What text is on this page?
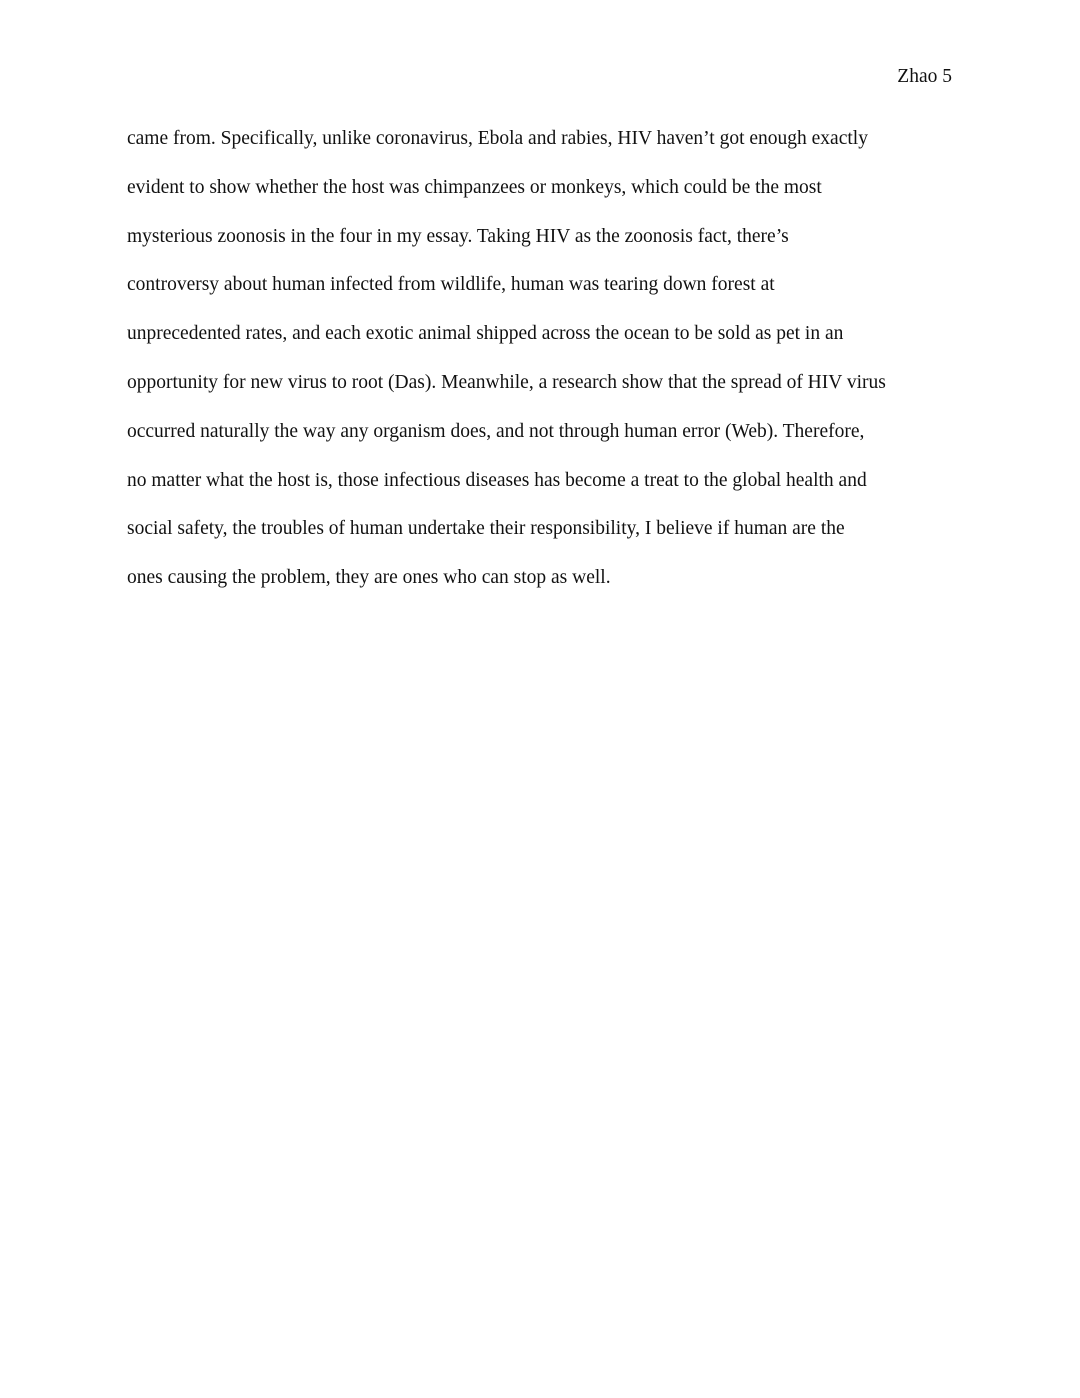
Zhao 5
came from. Specifically, unlike coronavirus, Ebola and rabies, HIV haven’t got enough exactly
evident to show whether the host was chimpanzees or monkeys, which could be the most
mysterious zoonosis in the four in my essay. Taking HIV as the zoonosis fact, there’s
controversy about human infected from wildlife, human was tearing down forest at
unprecedented rates, and each exotic animal shipped across the ocean to be sold as pet in an
opportunity for new virus to root (Das). Meanwhile, a research show that the spread of HIV virus
occurred naturally the way any organism does, and not through human error (Web). Therefore,
no matter what the host is, those infectious diseases has become a treat to the global health and
social safety, the troubles of human undertake their responsibility, I believe if human are the
ones causing the problem, they are ones who can stop as well.
